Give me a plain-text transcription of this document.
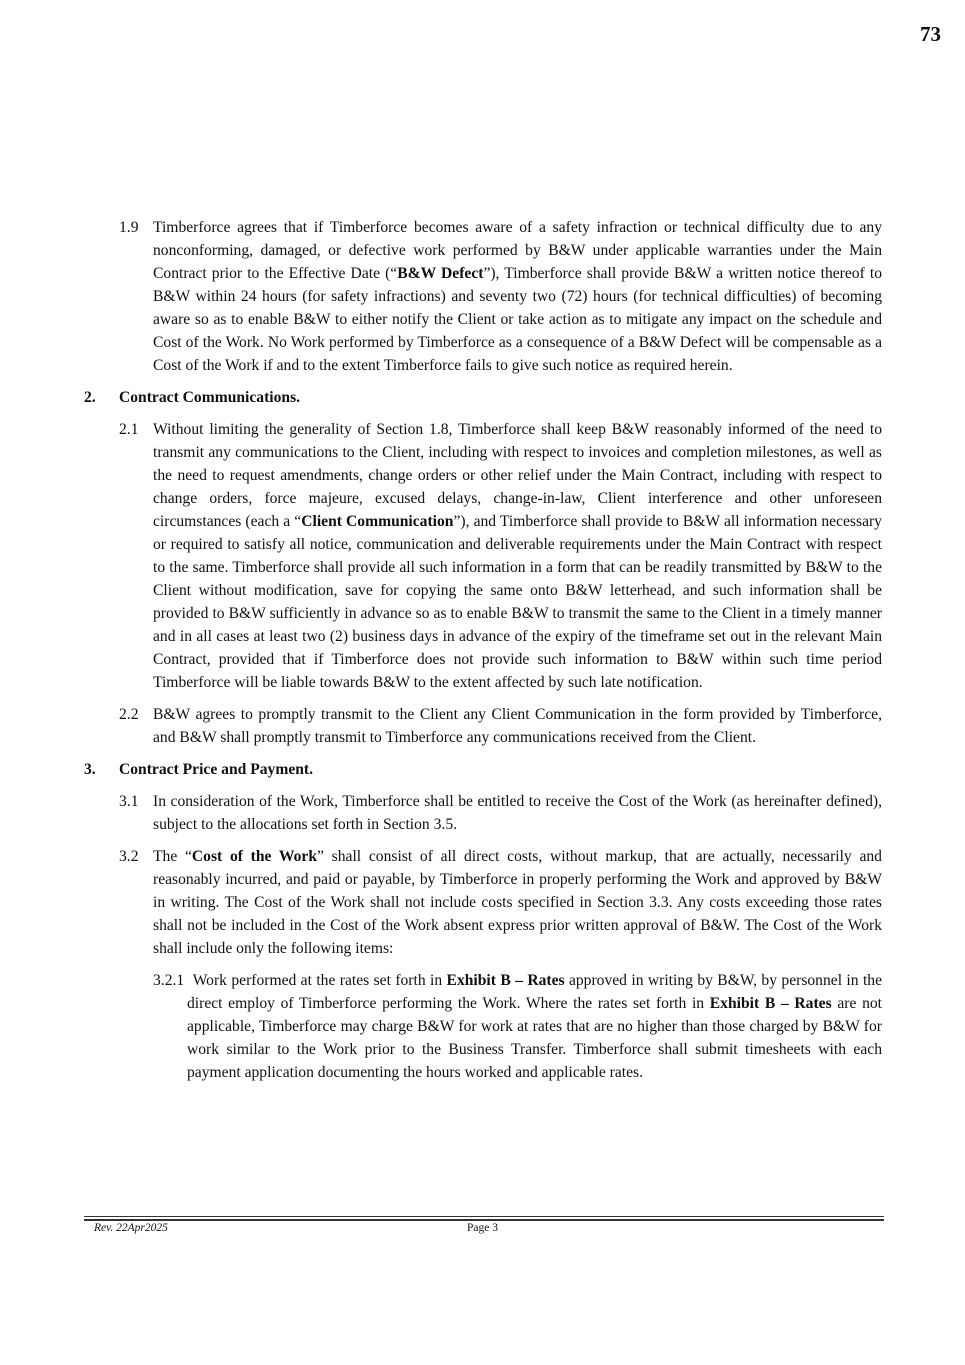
73
1.9 Timberforce agrees that if Timberforce becomes aware of a safety infraction or technical difficulty due to any nonconforming, damaged, or defective work performed by B&W under applicable warranties under the Main Contract prior to the Effective Date (“B&W Defect”), Timberforce shall provide B&W a written notice thereof to B&W within 24 hours (for safety infractions) and seventy two (72) hours (for technical difficulties) of becoming aware so as to enable B&W to either notify the Client or take action as to mitigate any impact on the schedule and Cost of the Work. No Work performed by Timberforce as a consequence of a B&W Defect will be compensable as a Cost of the Work if and to the extent Timberforce fails to give such notice as required herein.
2.	Contract Communications.
2.1 Without limiting the generality of Section 1.8, Timberforce shall keep B&W reasonably informed of the need to transmit any communications to the Client, including with respect to invoices and completion milestones, as well as the need to request amendments, change orders or other relief under the Main Contract, including with respect to change orders, force majeure, excused delays, change-in-law, Client interference and other unforeseen circumstances (each a “Client Communication”), and Timberforce shall provide to B&W all information necessary or required to satisfy all notice, communication and deliverable requirements under the Main Contract with respect to the same. Timberforce shall provide all such information in a form that can be readily transmitted by B&W to the Client without modification, save for copying the same onto B&W letterhead, and such information shall be provided to B&W sufficiently in advance so as to enable B&W to transmit the same to the Client in a timely manner and in all cases at least two (2) business days in advance of the expiry of the timeframe set out in the relevant Main Contract, provided that if Timberforce does not provide such information to B&W within such time period Timberforce will be liable towards B&W to the extent affected by such late notification.
2.2 B&W agrees to promptly transmit to the Client any Client Communication in the form provided by Timberforce, and B&W shall promptly transmit to Timberforce any communications received from the Client.
3.	Contract Price and Payment.
3.1 In consideration of the Work, Timberforce shall be entitled to receive the Cost of the Work (as hereinafter defined), subject to the allocations set forth in Section 3.5.
3.2 The “Cost of the Work” shall consist of all direct costs, without markup, that are actually, necessarily and reasonably incurred, and paid or payable, by Timberforce in properly performing the Work and approved by B&W in writing. The Cost of the Work shall not include costs specified in Section 3.3. Any costs exceeding those rates shall not be included in the Cost of the Work absent express prior written approval of B&W. The Cost of the Work shall include only the following items:
3.2.1 Work performed at the rates set forth in Exhibit B – Rates approved in writing by B&W, by personnel in the direct employ of Timberforce performing the Work. Where the rates set forth in Exhibit B – Rates are not applicable, Timberforce may charge B&W for work at rates that are no higher than those charged by B&W for work similar to the Work prior to the Business Transfer. Timberforce shall submit timesheets with each payment application documenting the hours worked and applicable rates.
Rev. 22Apr2025	Page 3
